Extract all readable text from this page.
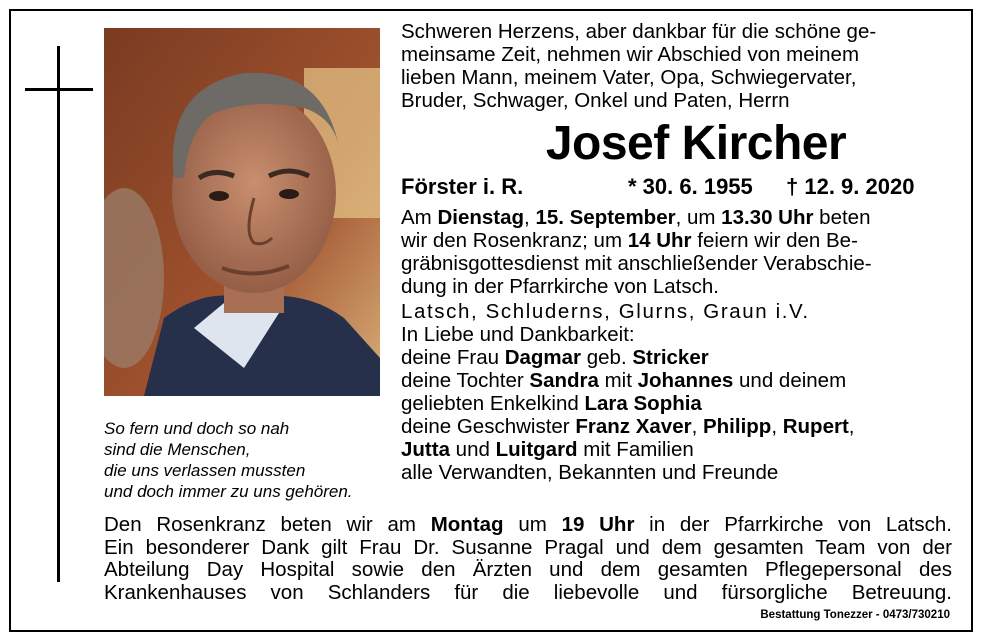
So fern und doch so nah
sind die Menschen,
die uns verlassen mussten
und doch immer zu uns gehören.
Schweren Herzens, aber dankbar für die schöne ge-
meinsame Zeit, nehmen wir Abschied von meinem
lieben Mann, meinem Vater, Opa, Schwiegervater,
Bruder, Schwager, Onkel und Paten, Herrn
Josef Kircher
Förster i. R.	* 30. 6. 1955 † 12. 9. 2020
Am Dienstag, 15. September, um 13.30 Uhr beten
wir den Rosenkranz; um 14 Uhr feiern wir den Be-
gräbnisgottesdienst mit anschließender Verabschie-
dung in der Pfarrkirche von Latsch.
Latsch, Schluderns, Glurns, Graun i.V.
In Liebe und Dankbarkeit:
deine Frau Dagmar geb. Stricker
deine Tochter Sandra mit Johannes und deinem
geliebten Enkelkind Lara Sophia
deine Geschwister Franz Xaver, Philipp, Rupert,
Jutta und Luitgard mit Familien
alle Verwandten, Bekannten und Freunde
Den Rosenkranz beten wir am Montag um 19 Uhr in der Pfarrkirche von Latsch.
Ein besonderer Dank gilt Frau Dr. Susanne Pragal und dem gesamten Team von der
Abteilung Day Hospital sowie den Ärzten und dem gesamten Pflegepersonal des
Krankenhauses von Schlanders für die liebevolle und fürsorgliche Betreuung.
Bestattung Tonezzer - 0473/730210
